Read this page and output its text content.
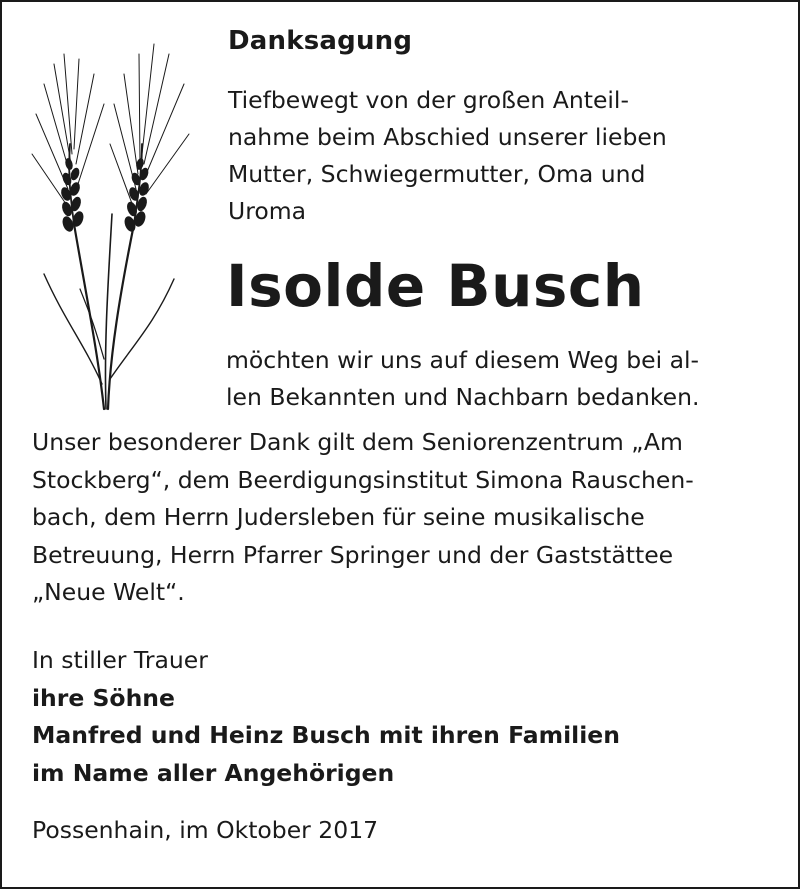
Danksagung
Tiefbewegt von der großen Anteil-
nahme beim Abschied unserer lieben
Mutter, Schwiegermutter, Oma und
Uroma
Isolde Busch
möchten wir uns auf diesem Weg bei al-
len Bekannten und Nachbarn bedanken.
Unser besonderer Dank gilt dem Seniorenzentrum „Am
Stockberg“, dem Beerdigungsinstitut Simona Rauschen-
bach, dem Herrn Judersleben für seine musikalische
Betreuung, Herrn Pfarrer Springer und der Gaststättee
„Neue Welt“.
In stiller Trauer
ihre Söhne
Manfred und Heinz Busch mit ihren Familien
im Name aller Angehörigen
Possenhain, im Oktober 2017
